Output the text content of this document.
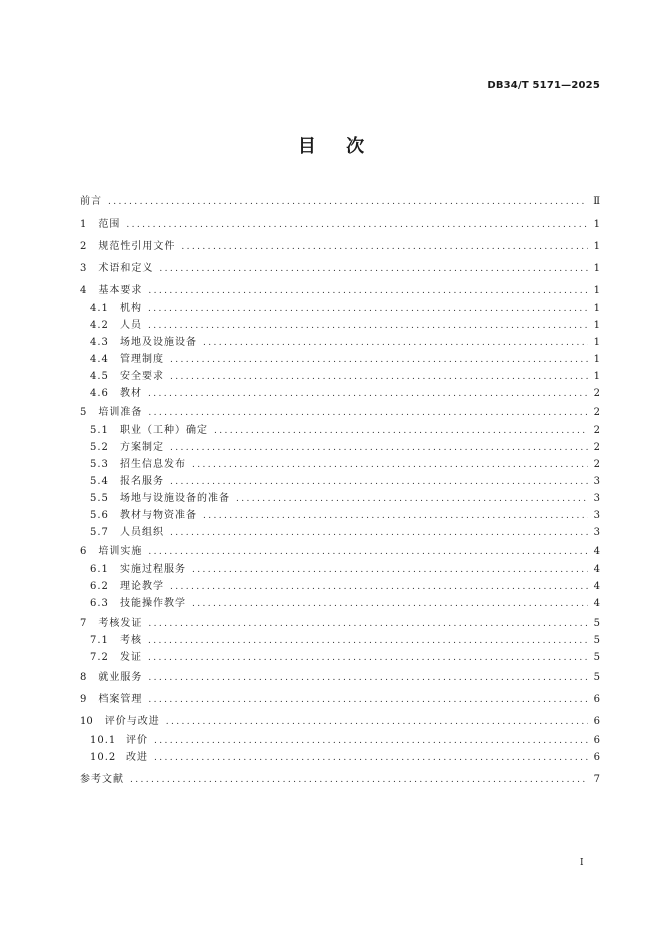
DB34/T 5171—2025
目 次
前言 .....	Ⅱ
1 范围 .....	1
2 规范性引用文件 .....	1
3 术语和定义 .....	1
4 基本要求 .....	1
4.1	机构 .....	1
4.2	人员 .....	1
4.3	场地及设施设备 .....	1
4.4	管理制度 .....	1
4.5	安全要求 .....	1
4.6	教材 .....	2
5 培训准备 .....	2
5.1	职业（工种）确定 .....	2
5.2	方案制定 .....	2
5.3	招生信息发布 .....	2
5.4	报名服务 .....	3
5.5	场地与设施设备的准备 .....	3
5.6	教材与物资准备 .....	3
5.7	人员组织 .....	3
6 培训实施 .....	4
6.1	实施过程服务 .....	4
6.2	理论教学 .....	4
6.3	技能操作教学 .....	4
7 考核发证 .....	5
7.1	考核 .....	5
7.2	发证 .....	5
8 就业服务 .....	5
9 档案管理 .....	6
10 评价与改进 .....	6
10.1 评价 .....	6
10.2 改进 .....	6
参考文献 .....	7
I
